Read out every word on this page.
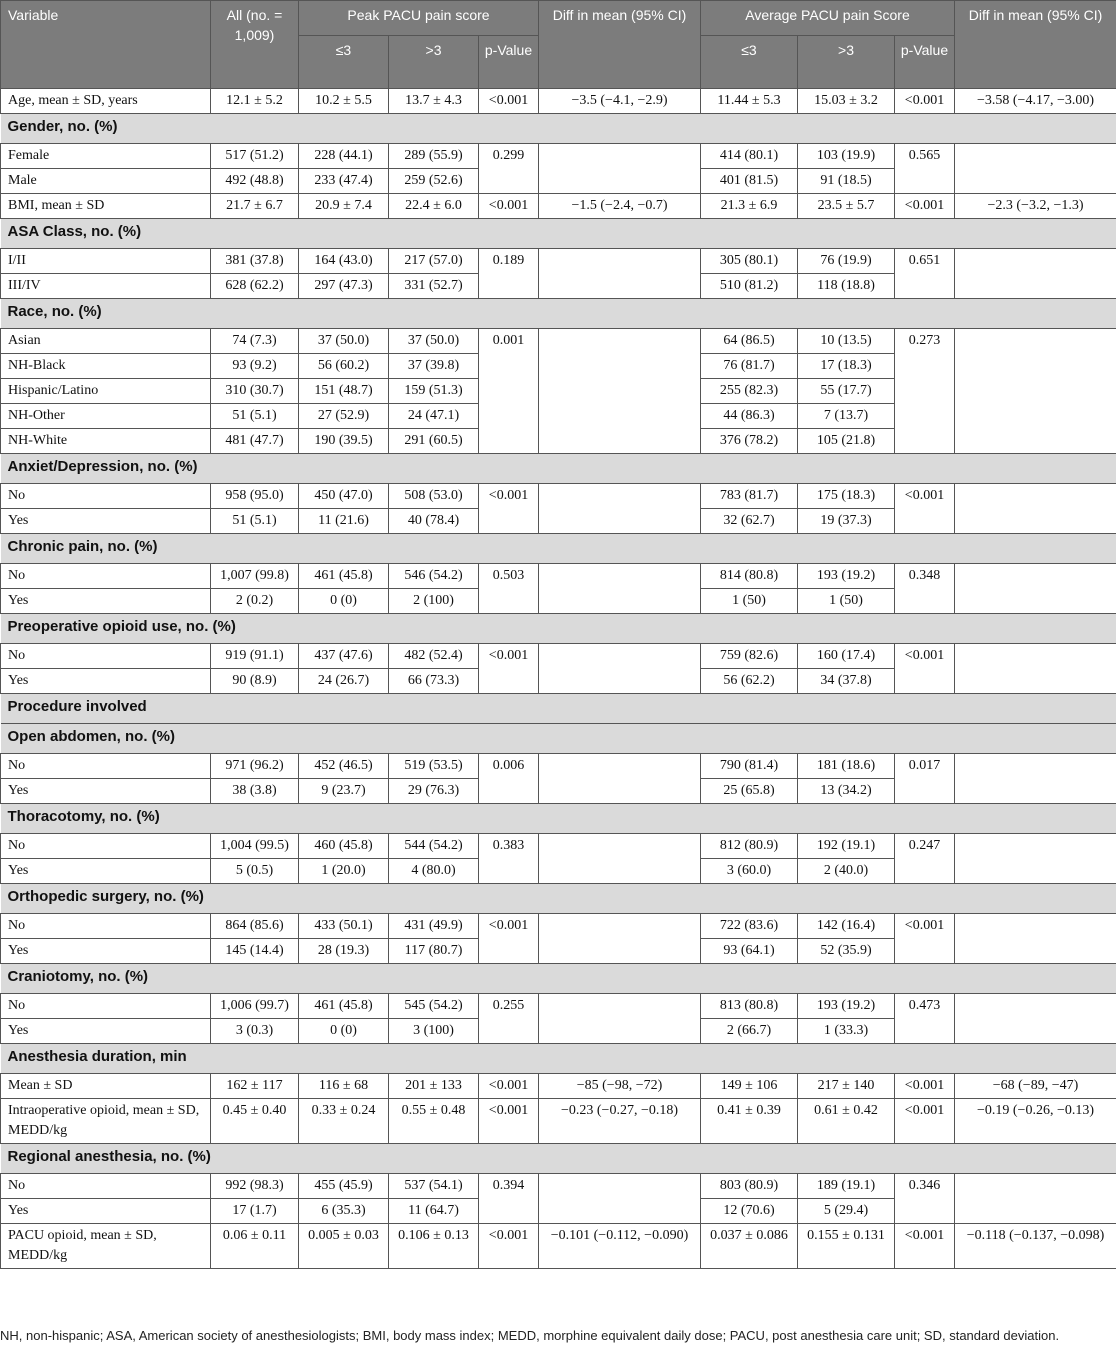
Variable	All (no. = 1,009)	Peak PACU pain score			Diff in mean (95% CI)	Average PACU pain Score			Diff in mean (95% CI)
		≤3	>3	p-Value		≤3	>3	p-Value	
Age, mean ± SD, years	12.1 ± 5.2	10.2 ± 5.5	13.7 ± 4.3	<0.001	−3.5 (−4.1, −2.9)	11.44 ± 5.3	15.03 ± 3.2	<0.001	−3.58 (−4.17, −3.00)
Gender, no. (%)									
Female	517 (51.2)	228 (44.1)	289 (55.9)	0.299		414 (80.1)	103 (19.9)	0.565	
Male	492 (48.8)	233 (47.4)	259 (52.6)			401 (81.5)	91 (18.5)		
BMI, mean ± SD	21.7 ± 6.7	20.9 ± 7.4	22.4 ± 6.0	<0.001	−1.5 (−2.4, −0.7)	21.3 ± 6.9	23.5 ± 5.7	<0.001	−2.3 (−3.2, −1.3)
ASA Class, no. (%)									
I/II	381 (37.8)	164 (43.0)	217 (57.0)	0.189		305 (80.1)	76 (19.9)	0.651	
III/IV	628 (62.2)	297 (47.3)	331 (52.7)			510 (81.2)	118 (18.8)		
Race, no. (%)									
Asian	74 (7.3)	37 (50.0)	37 (50.0)	0.001		64 (86.5)	10 (13.5)	0.273	
NH-Black	93 (9.2)	56 (60.2)	37 (39.8)			76 (81.7)	17 (18.3)		
Hispanic/Latino	310 (30.7)	151 (48.7)	159 (51.3)			255 (82.3)	55 (17.7)		
NH-Other	51 (5.1)	27 (52.9)	24 (47.1)			44 (86.3)	7 (13.7)		
NH-White	481 (47.7)	190 (39.5)	291 (60.5)			376 (78.2)	105 (21.8)		
Anxiet/Depression, no. (%)									
No	958 (95.0)	450 (47.0)	508 (53.0)	<0.001		783 (81.7)	175 (18.3)	<0.001	
Yes	51 (5.1)	11 (21.6)	40 (78.4)			32 (62.7)	19 (37.3)		
Chronic pain, no. (%)									
No	1,007 (99.8)	461 (45.8)	546 (54.2)	0.503		814 (80.8)	193 (19.2)	0.348	
Yes	2 (0.2)	0 (0)	2 (100)			1 (50)	1 (50)		
Preoperative opioid use, no. (%)									
No	919 (91.1)	437 (47.6)	482 (52.4)	<0.001		759 (82.6)	160 (17.4)	<0.001	
Yes	90 (8.9)	24 (26.7)	66 (73.3)			56 (62.2)	34 (37.8)		
Procedure involved									
Open abdomen, no. (%)									
No	971 (96.2)	452 (46.5)	519 (53.5)	0.006		790 (81.4)	181 (18.6)	0.017	
Yes	38 (3.8)	9 (23.7)	29 (76.3)			25 (65.8)	13 (34.2)		
Thoracotomy, no. (%)									
No	1,004 (99.5)	460 (45.8)	544 (54.2)	0.383		812 (80.9)	192 (19.1)	0.247	
Yes	5 (0.5)	1 (20.0)	4 (80.0)			3 (60.0)	2 (40.0)		
Orthopedic surgery, no. (%)									
No	864 (85.6)	433 (50.1)	431 (49.9)	<0.001		722 (83.6)	142 (16.4)	<0.001	
Yes	145 (14.4)	28 (19.3)	117 (80.7)			93 (64.1)	52 (35.9)		
Craniotomy, no. (%)									
No	1,006 (99.7)	461 (45.8)	545 (54.2)	0.255		813 (80.8)	193 (19.2)	0.473	
Yes	3 (0.3)	0 (0)	3 (100)			2 (66.7)	1 (33.3)		
Anesthesia duration, min									
Mean ± SD	162 ± 117	116 ± 68	201 ± 133	<0.001	−85 (−98, −72)	149 ± 106	217 ± 140	<0.001	−68 (−89, −47)
Intraoperative opioid, mean ± SD, MEDD/kg	0.45 ± 0.40	0.33 ± 0.24	0.55 ± 0.48	<0.001	−0.23 (−0.27, −0.18)	0.41 ± 0.39	0.61 ± 0.42	<0.001	−0.19 (−0.26, −0.13)
Regional anesthesia, no. (%)									
No	992 (98.3)	455 (45.9)	537 (54.1)	0.394		803 (80.9)	189 (19.1)	0.346	
Yes	17 (1.7)	6 (35.3)	11 (64.7)			12 (70.6)	5 (29.4)		
PACU opioid, mean ± SD, MEDD/kg	0.06 ± 0.11	0.005 ± 0.03	0.106 ± 0.13	<0.001	−0.101 (−0.112, −0.090)	0.037 ± 0.086	0.155 ± 0.131	<0.001	−0.118 (−0.137, −0.098)
NH, non-hispanic; ASA, American society of anesthesiologists; BMI, body mass index; MEDD, morphine equivalent daily dose; PACU, post anesthesia care unit; SD, standard deviation.
